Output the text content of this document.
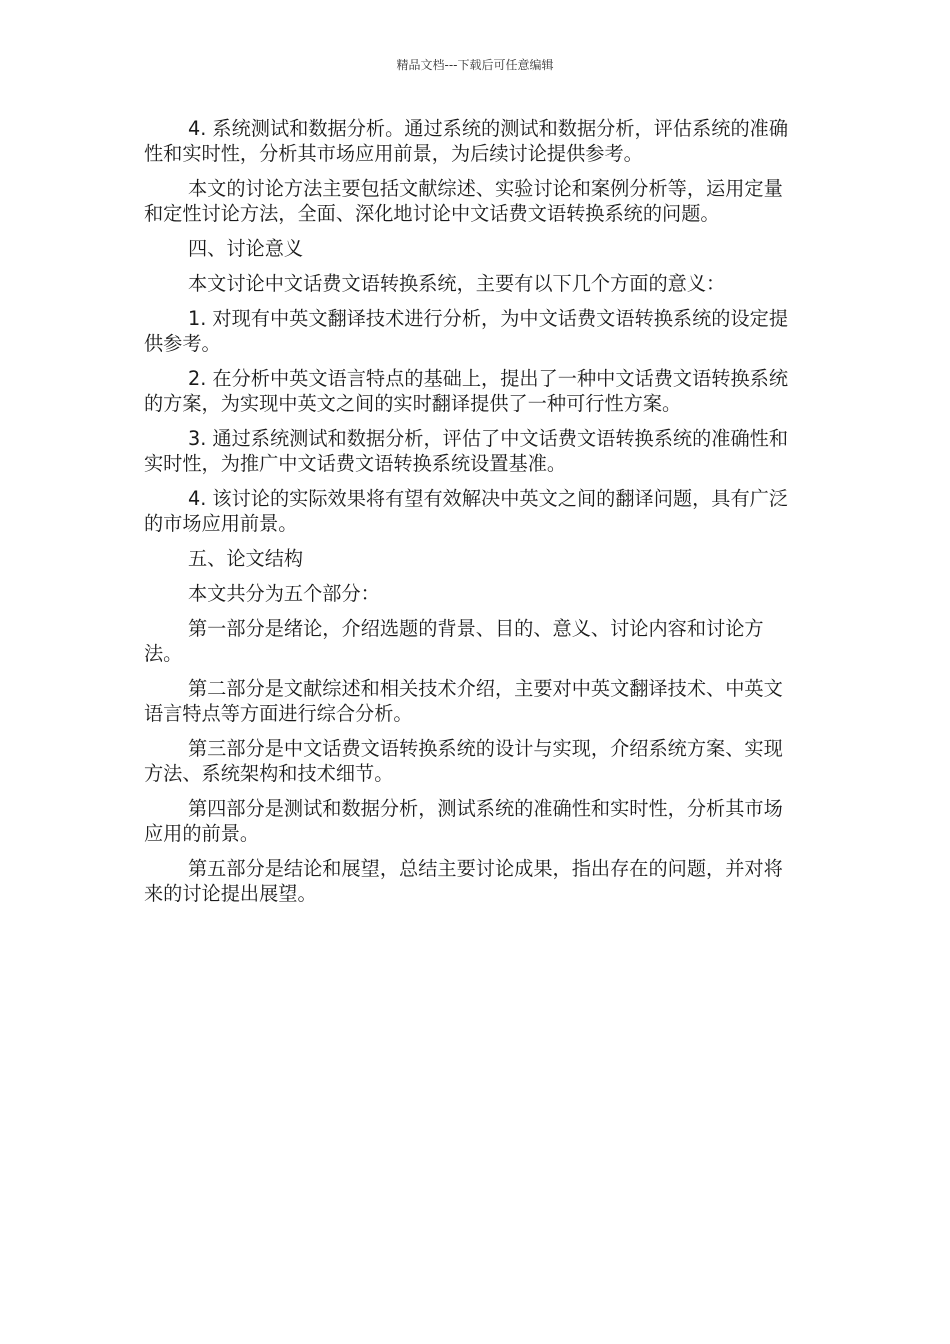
精品文档---下载后可任意编辑

4. 系统测试和数据分析。通过系统的测试和数据分析，评估系统的准确性和实时性，分析其市场应用前景，为后续讨论提供参考。

本文的讨论方法主要包括文献综述、实验讨论和案例分析等，运用定量和定性讨论方法，全面、深化地讨论中文话费文语转换系统的问题。

四、讨论意义

本文讨论中文话费文语转换系统，主要有以下几个方面的意义：

1. 对现有中英文翻译技术进行分析，为中文话费文语转换系统的设定提供参考。

2. 在分析中英文语言特点的基础上，提出了一种中文话费文语转换系统的方案，为实现中英文之间的实时翻译提供了一种可行性方案。

3. 通过系统测试和数据分析，评估了中文话费文语转换系统的准确性和实时性，为推广中文话费文语转换系统设置基准。

4. 该讨论的实际效果将有望有效解决中英文之间的翻译问题，具有广泛的市场应用前景。

五、论文结构

本文共分为五个部分：

第一部分是绪论，介绍选题的背景、目的、意义、讨论内容和讨论方法。

第二部分是文献综述和相关技术介绍，主要对中英文翻译技术、中英文语言特点等方面进行综合分析。

第三部分是中文话费文语转换系统的设计与实现，介绍系统方案、实现方法、系统架构和技术细节。

第四部分是测试和数据分析，测试系统的准确性和实时性，分析其市场应用的前景。

第五部分是结论和展望，总结主要讨论成果，指出存在的问题，并对将来的讨论提出展望。
